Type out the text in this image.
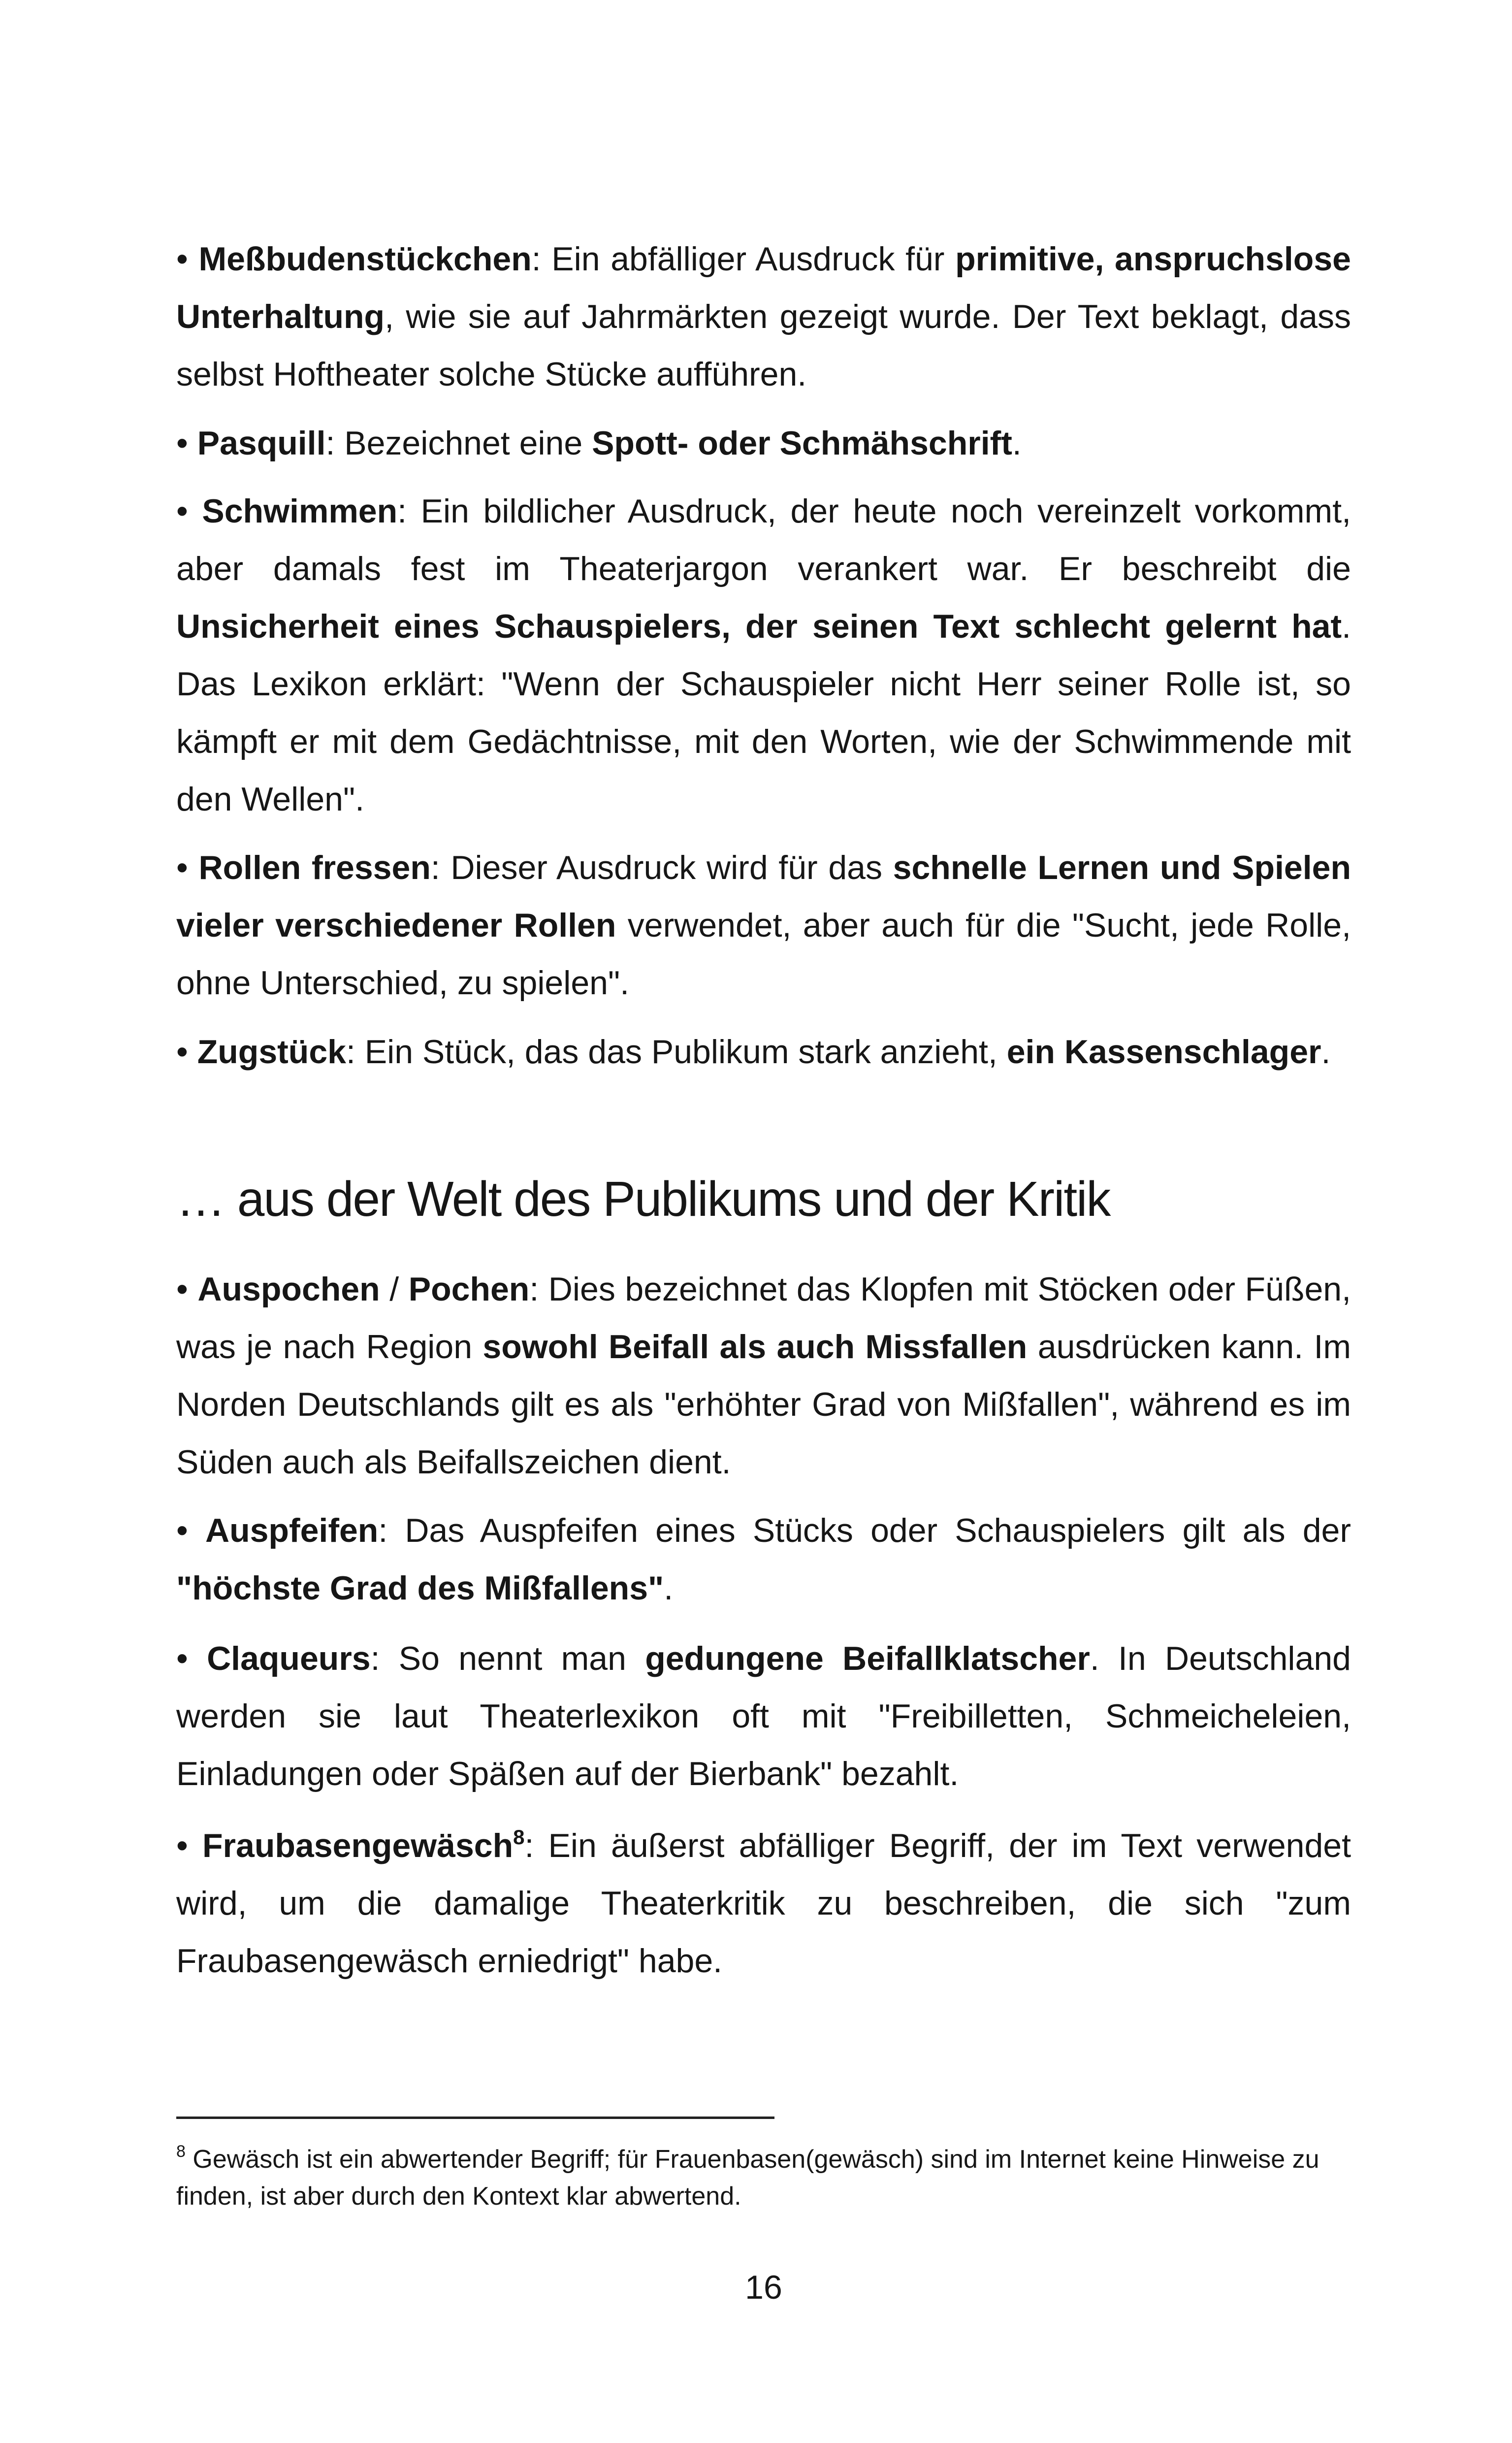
• Meßbudenstückchen: Ein abfälliger Ausdruck für primitive, anspruchslose Unterhaltung, wie sie auf Jahrmärkten gezeigt wurde. Der Text beklagt, dass selbst Hoftheater solche Stücke aufführen.

• Pasquill: Bezeichnet eine Spott- oder Schmähschrift.

• Schwimmen: Ein bildlicher Ausdruck, der heute noch vereinzelt vorkommt, aber damals fest im Theaterjargon verankert war. Er beschreibt die Unsicherheit eines Schauspielers, der seinen Text schlecht gelernt hat. Das Lexikon erklärt: "Wenn der Schauspieler nicht Herr seiner Rolle ist, so kämpft er mit dem Gedächtnisse, mit den Worten, wie der Schwimmende mit den Wellen".

• Rollen fressen: Dieser Ausdruck wird für das schnelle Lernen und Spielen vieler verschiedener Rollen verwendet, aber auch für die "Sucht, jede Rolle, ohne Unterschied, zu spielen".

• Zugstück: Ein Stück, das das Publikum stark anzieht, ein Kassenschlager.

… aus der Welt des Publikums und der Kritik

• Auspochen / Pochen: Dies bezeichnet das Klopfen mit Stöcken oder Füßen, was je nach Region sowohl Beifall als auch Missfallen ausdrücken kann. Im Norden Deutschlands gilt es als "erhöhter Grad von Mißfallen", während es im Süden auch als Beifallszeichen dient.

• Auspfeifen: Das Auspfeifen eines Stücks oder Schauspielers gilt als der "höchste Grad des Mißfallens".

• Claqueurs: So nennt man gedungene Beifallklatscher. In Deutschland werden sie laut Theaterlexikon oft mit "Freibilletten, Schmeicheleien, Einladungen oder Späßen auf der Bierbank" bezahlt.

• Fraubasengewäsch$^8$: Ein äußerst abfälliger Begriff, der im Text verwendet wird, um die damalige Theaterkritik zu beschreiben, die sich "zum Fraubasengewäsch erniedrigt" habe.

$^8$ Gewäsch ist ein abwertender Begriff; für Frauenbasen(gewäsch) sind im Internet keine Hinweise zu finden, ist aber durch den Kontext klar abwertend.

16
